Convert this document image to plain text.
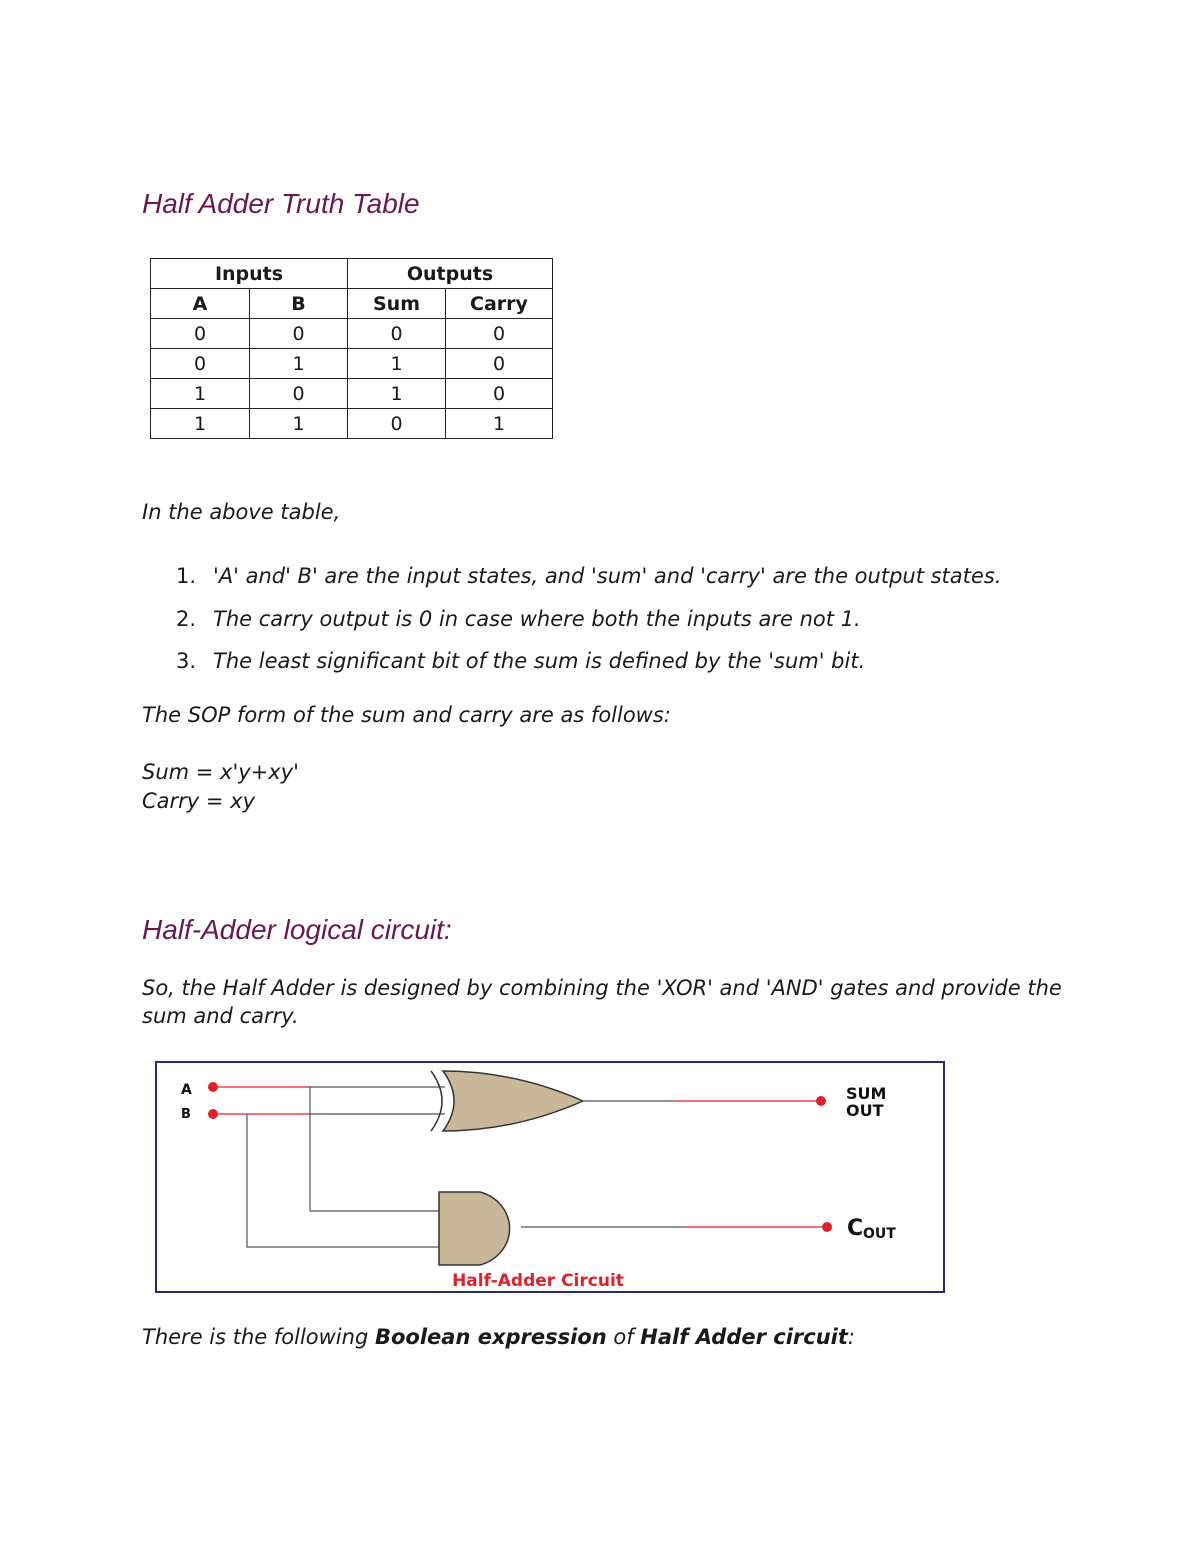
Half Adder Truth Table
Inputs		Outputs	
A	B	Sum	Carry
0	0	0	0
0	1	1	0
1	0	1	0
1	1	0	1

In the above table,

1. 'A' and' B' are the input states, and 'sum' and 'carry' are the output states.
2. The carry output is 0 in case where both the inputs are not 1.
3. The least significant bit of the sum is defined by the 'sum' bit.

The SOP form of the sum and carry are as follows:

Sum = x'y+xy'
Carry = xy
Half-Adder logical circuit:
So, the Half Adder is designed by combining the 'XOR' and 'AND' gates and provide the
sum and carry.
A
B
SUM
OUT
C OUT
Half-Adder Circuit

There is the following Boolean expression of Half Adder circuit:
